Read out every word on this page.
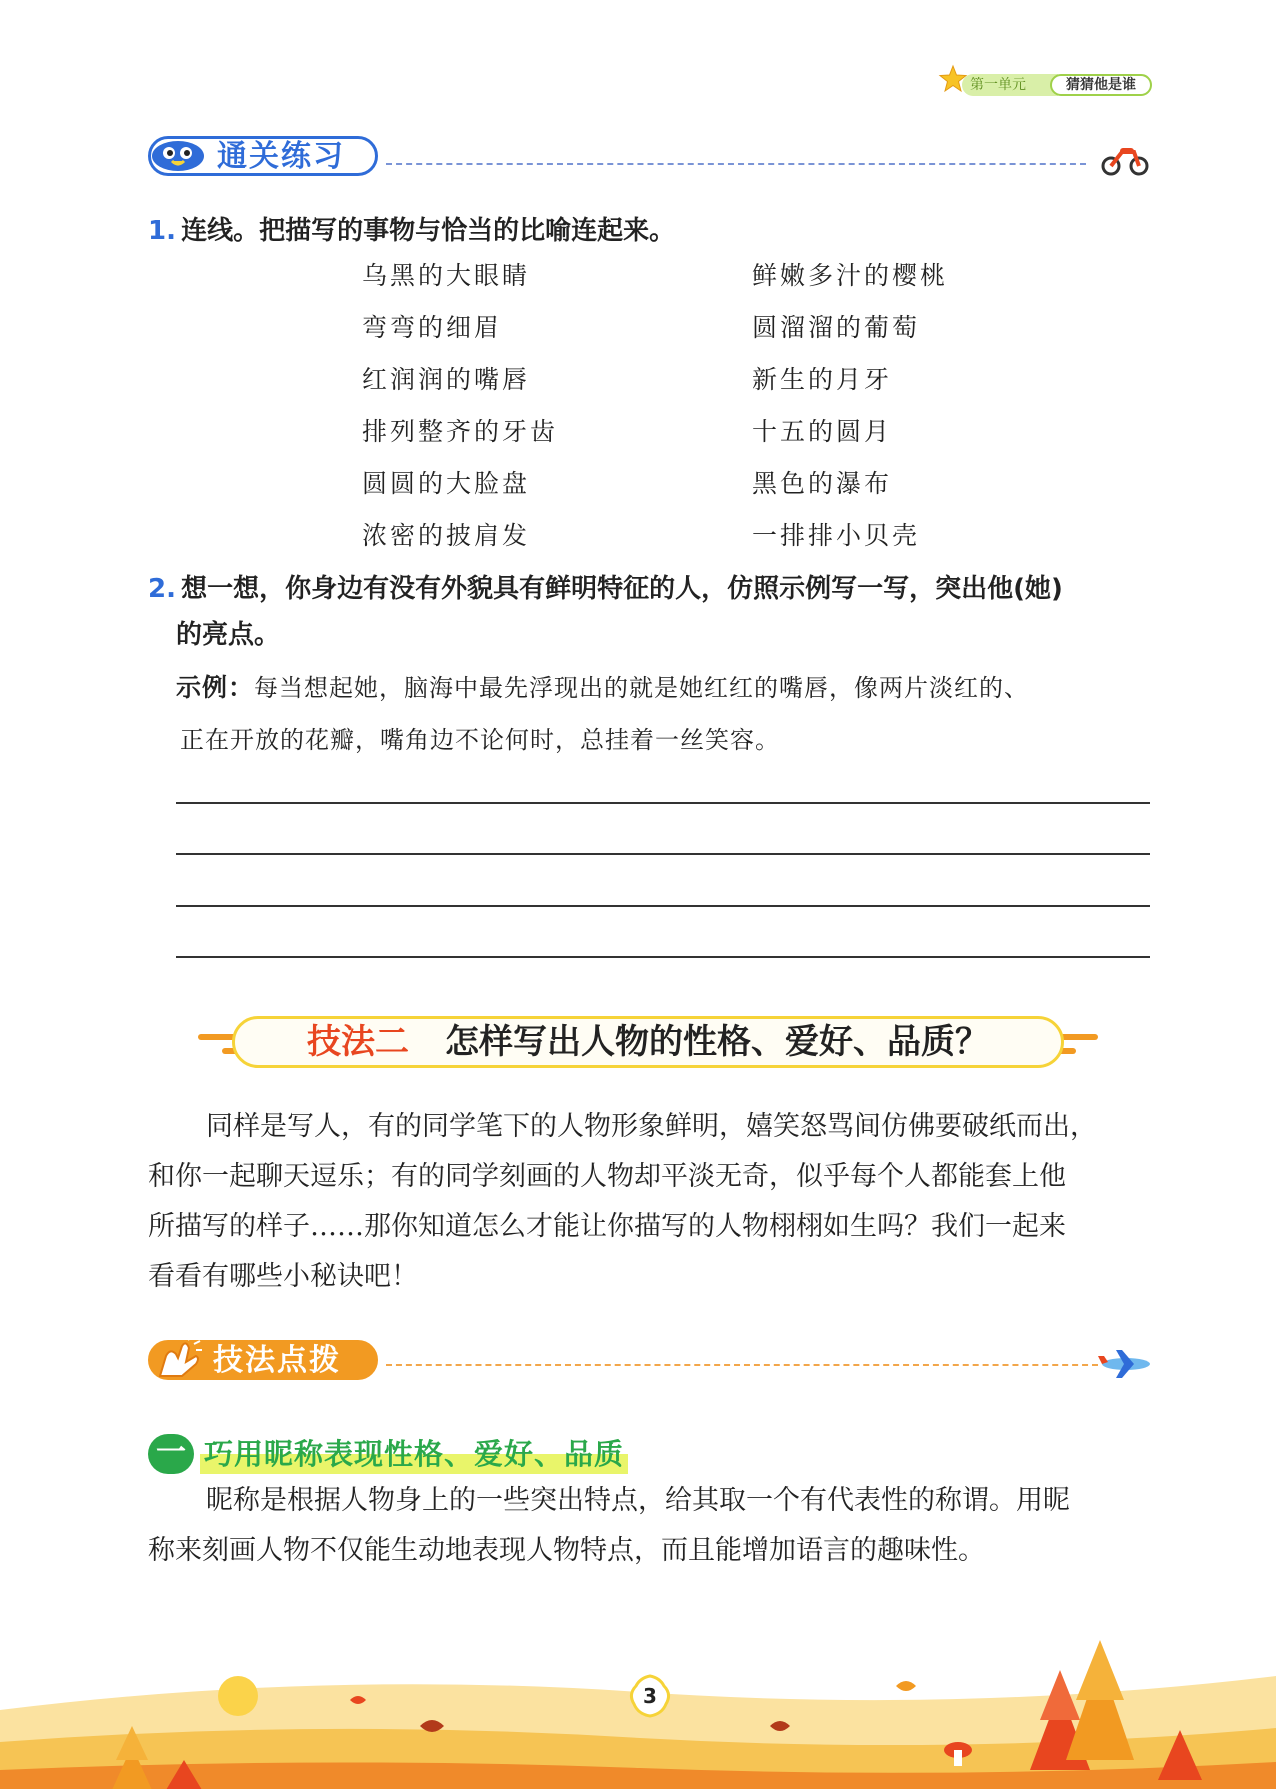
第一单元	猜猜他是谁
通关练习
1. 连线。把描写的事物与恰当的比喻连起来。
乌黑的大眼睛
弯弯的细眉
红润润的嘴唇
排列整齐的牙齿
圆圆的大脸盘
浓密的披肩发
鲜嫩多汁的樱桃
圆溜溜的葡萄
新生的月牙
十五的圆月
黑色的瀑布
一排排小贝壳
2. 想一想，你身边有没有外貌具有鲜明特征的人，仿照示例写一写，突出他(她)
的亮点。
示例：每当想起她，脑海中最先浮现出的就是她红红的嘴唇，像两片淡红的、
正在开放的花瓣，嘴角边不论何时，总挂着一丝笑容。
技法二 怎样写出人物的性格、爱好、品质？
同样是写人，有的同学笔下的人物形象鲜明，嬉笑怒骂间仿佛要破纸而出，
和你一起聊天逗乐；有的同学刻画的人物却平淡无奇，似乎每个人都能套上他
所描写的样子……那你知道怎么才能让你描写的人物栩栩如生吗？我们一起来
看看有哪些小秘诀吧！
技法点拨
一 巧用昵称表现性格、爱好、品质
昵称是根据人物身上的一些突出特点，给其取一个有代表性的称谓。用昵
称来刻画人物不仅能生动地表现人物特点，而且能增加语言的趣味性。
3
